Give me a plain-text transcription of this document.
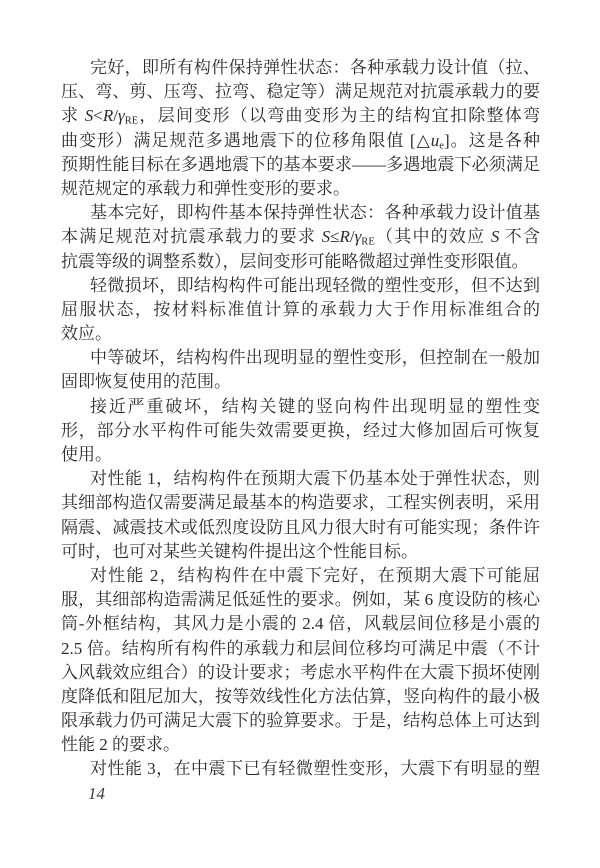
完好，即所有构件保持弹性状态：各种承载力设计值（拉、
压、弯、剪、压弯、拉弯、稳定等）满足规范对抗震承载力的要
求 $S<R/\gamma_{RE}$，层间变形（以弯曲变形为主的结构宜扣除整体弯
曲变形）满足规范多遇地震下的位移角限值 $[\triangle u_e]$。这是各种
预期性能目标在多遇地震下的基本要求——多遇地震下必须满足
规范规定的承载力和弹性变形的要求。
基本完好，即构件基本保持弹性状态：各种承载力设计值基
本满足规范对抗震承载力的要求 $S\le R/\gamma_{RE}$（其中的效应 S 不含
抗震等级的调整系数），层间变形可能略微超过弹性变形限值。
轻微损坏，即结构构件可能出现轻微的塑性变形，但不达到
屈服状态，按材料标准值计算的承载力大于作用标准组合的
效应。
中等破坏，结构构件出现明显的塑性变形，但控制在一般加
固即恢复使用的范围。
接近严重破坏，结构关键的竖向构件出现明显的塑性变
形，部分水平构件可能失效需要更换，经过大修加固后可恢复
使用。
对性能 1，结构构件在预期大震下仍基本处于弹性状态，则
其细部构造仅需要满足最基本的构造要求，工程实例表明，采用
隔震、减震技术或低烈度设防且风力很大时有可能实现；条件许
可时，也可对某些关键构件提出这个性能目标。
对性能 2，结构构件在中震下完好，在预期大震下可能屈
服，其细部构造需满足低延性的要求。例如，某 6 度设防的核心
筒-外框结构，其风力是小震的 2.4 倍，风载层间位移是小震的
2.5 倍。结构所有构件的承载力和层间位移均可满足中震（不计
入风载效应组合）的设计要求；考虑水平构件在大震下损坏使刚
度降低和阻尼加大，按等效线性化方法估算，竖向构件的最小极
限承载力仍可满足大震下的验算要求。于是，结构总体上可达到
性能 2 的要求。
对性能 3，在中震下已有轻微塑性变形，大震下有明显的塑
14
